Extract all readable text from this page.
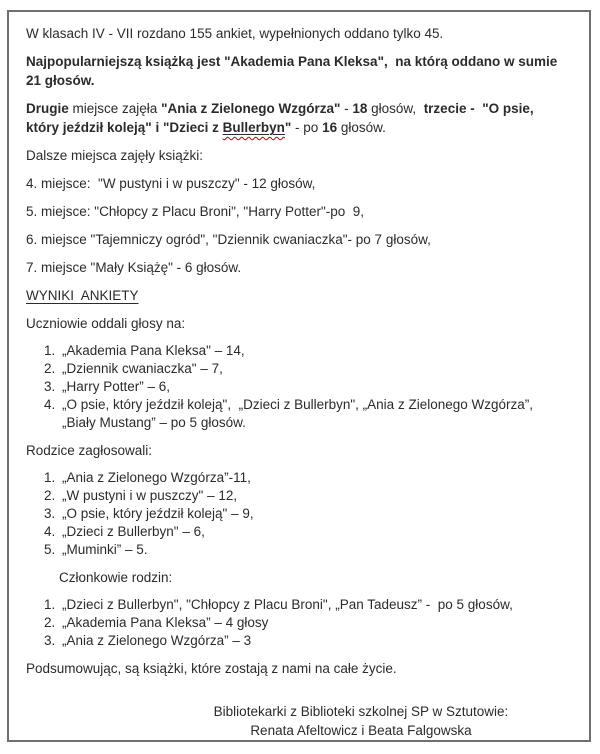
W klasach IV - VII rozdano 155 ankiet, wypełnionych oddano tylko 45.

Najpopularniejszą książką jest "Akademia Pana Kleksa",  na którą oddano w sumie
21 głosów.

Drugie miejsce zajęła "Ania z Zielonego Wzgórza" - 18 głosów,  trzecie -  "O psie,
który jeździł koleją" i "Dzieci z Bullerbyn" - po 16 głosów.

Dalsze miejsca zajęły książki:

4. miejsce:  "W pustyni i w puszczy" - 12 głosów,

5. miejsce: "Chłopcy z Placu Broni", "Harry Potter"-po  9,

6. miejsce "Tajemniczy ogród", "Dziennik cwaniaczka"- po 7 głosów,

7. miejsce "Mały Książę" - 6 głosów.

WYNIKI  ANKIETY

Uczniowie oddali głosy na:

1. „Akademia Pana Kleksa" – 14,
2. „Dziennik cwaniaczka" – 7,
3. „Harry Potter” – 6,
4. „O psie, który jeździł koleją",  „Dzieci z Bullerbyn", „Ania z Zielonego Wzgórza”,
„Biały Mustang” – po 5 głosów.

Rodzice zagłosowali:

1. „Ania z Zielonego Wzgórza”-11,
2. „W pustyni i w puszczy" – 12,
3. „O psie, który jeździł koleją" – 9,
4. „Dzieci z Bullerbyn" – 6,
5. „Muminki” – 5.

Członkowie rodzin:

1. „Dzieci z Bullerbyn", "Chłopcy z Placu Broni", „Pan Tadeusz” -  po 5 głosów,
2. „Akademia Pana Kleksa” – 4 głosy
3. „Ania z Zielonego Wzgórza” – 3

Podsumowując, są książki, które zostają z nami na całe życie.

Bibliotekarki z Biblioteki szkolnej SP w Sztutowie:

Renata Afeltowicz i Beata Falgowska
